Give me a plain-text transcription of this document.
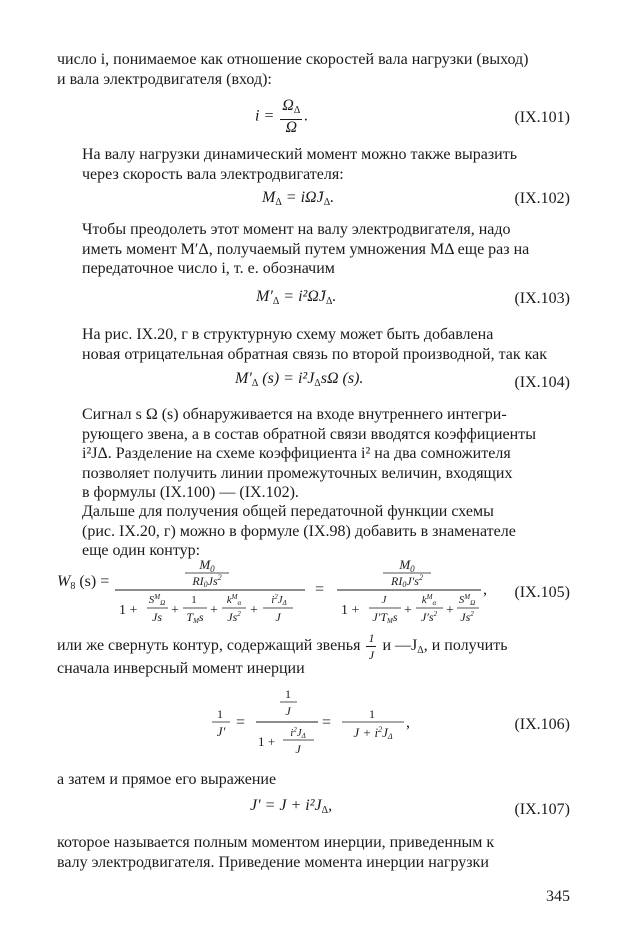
число i, понимаемое как отношение скоростей вала нагрузки (выход)
и вала электродвигателя (вход):

$i = \frac{\Omega_\Delta}{\Omega}$ .	(IX.101)

На валу нагрузки динамический момент можно также выразить
через скорость вала электродвигателя:

$M_\Delta$ = $i\OmegȧJ_\Delta$.	(IX.102)

Чтобы преодолеть этот момент на валу электродвигателя, надо
иметь момент M′Δ, получаемый путем умножения MΔ еще раз на
передаточное число i, т. е. обозначим

$M'_\Delta$ = $i^2\OmegȧJ_\Delta$.	(IX.103)

На рис. IX.20, г в структурную схему может быть добавлена
новая отрицательная обратная связь по второй производной, так как

$M'_\Delta$ $(s) = i^2J_\Delta s\Omega$ (s).	(IX.104)

Сигнал s Ω (s) обнаруживается на входе внутреннего интегри-
рующего звена, а в состав обратной связи вводятся коэффициенты
i²JΔ. Разделение на схеме коэффициента i² на два сомножителя
позволяет получить линии промежуточных величин, входящих
в формулы (IX.100) — (IX.102).

Дальше для получения общей передаточной функции схемы
(рис. IX.20, г) можно в формуле (IX.98) добавить в знаменателе
еще один контур:

W8 (s) =
$M_0$
RI0Js$^2$
1 +
$S^M_\Omega$
Js +
1
TMs +
$k^M_\alpha$
$Js^2$ +
$i^2J\Delta$
J
=
$M_0$
$RI0J's^2$
1 +
J
J′TMs +
$k^M_\alpha$
$J's^2$ +
$S^M_\Omega$
Js$^2$
, (IX.105)
или же свернуть контур, содержащий звенья $\frac{1}{J}$ и $—J_\Delta$, и получить

сначала инверсный момент инерции

1
J′
=
1
J
1 +
$i^2J\Delta$
J
=	1
$J + i^2J\Delta$
,	(IX.106)

а затем и прямое его выражение

$J' = J + i^2J_\Delta$,	(IX.107)

которое называется полным моментом инерции, приведенным к
валу электродвигателя. Приведение момента инерции нагрузки

345
